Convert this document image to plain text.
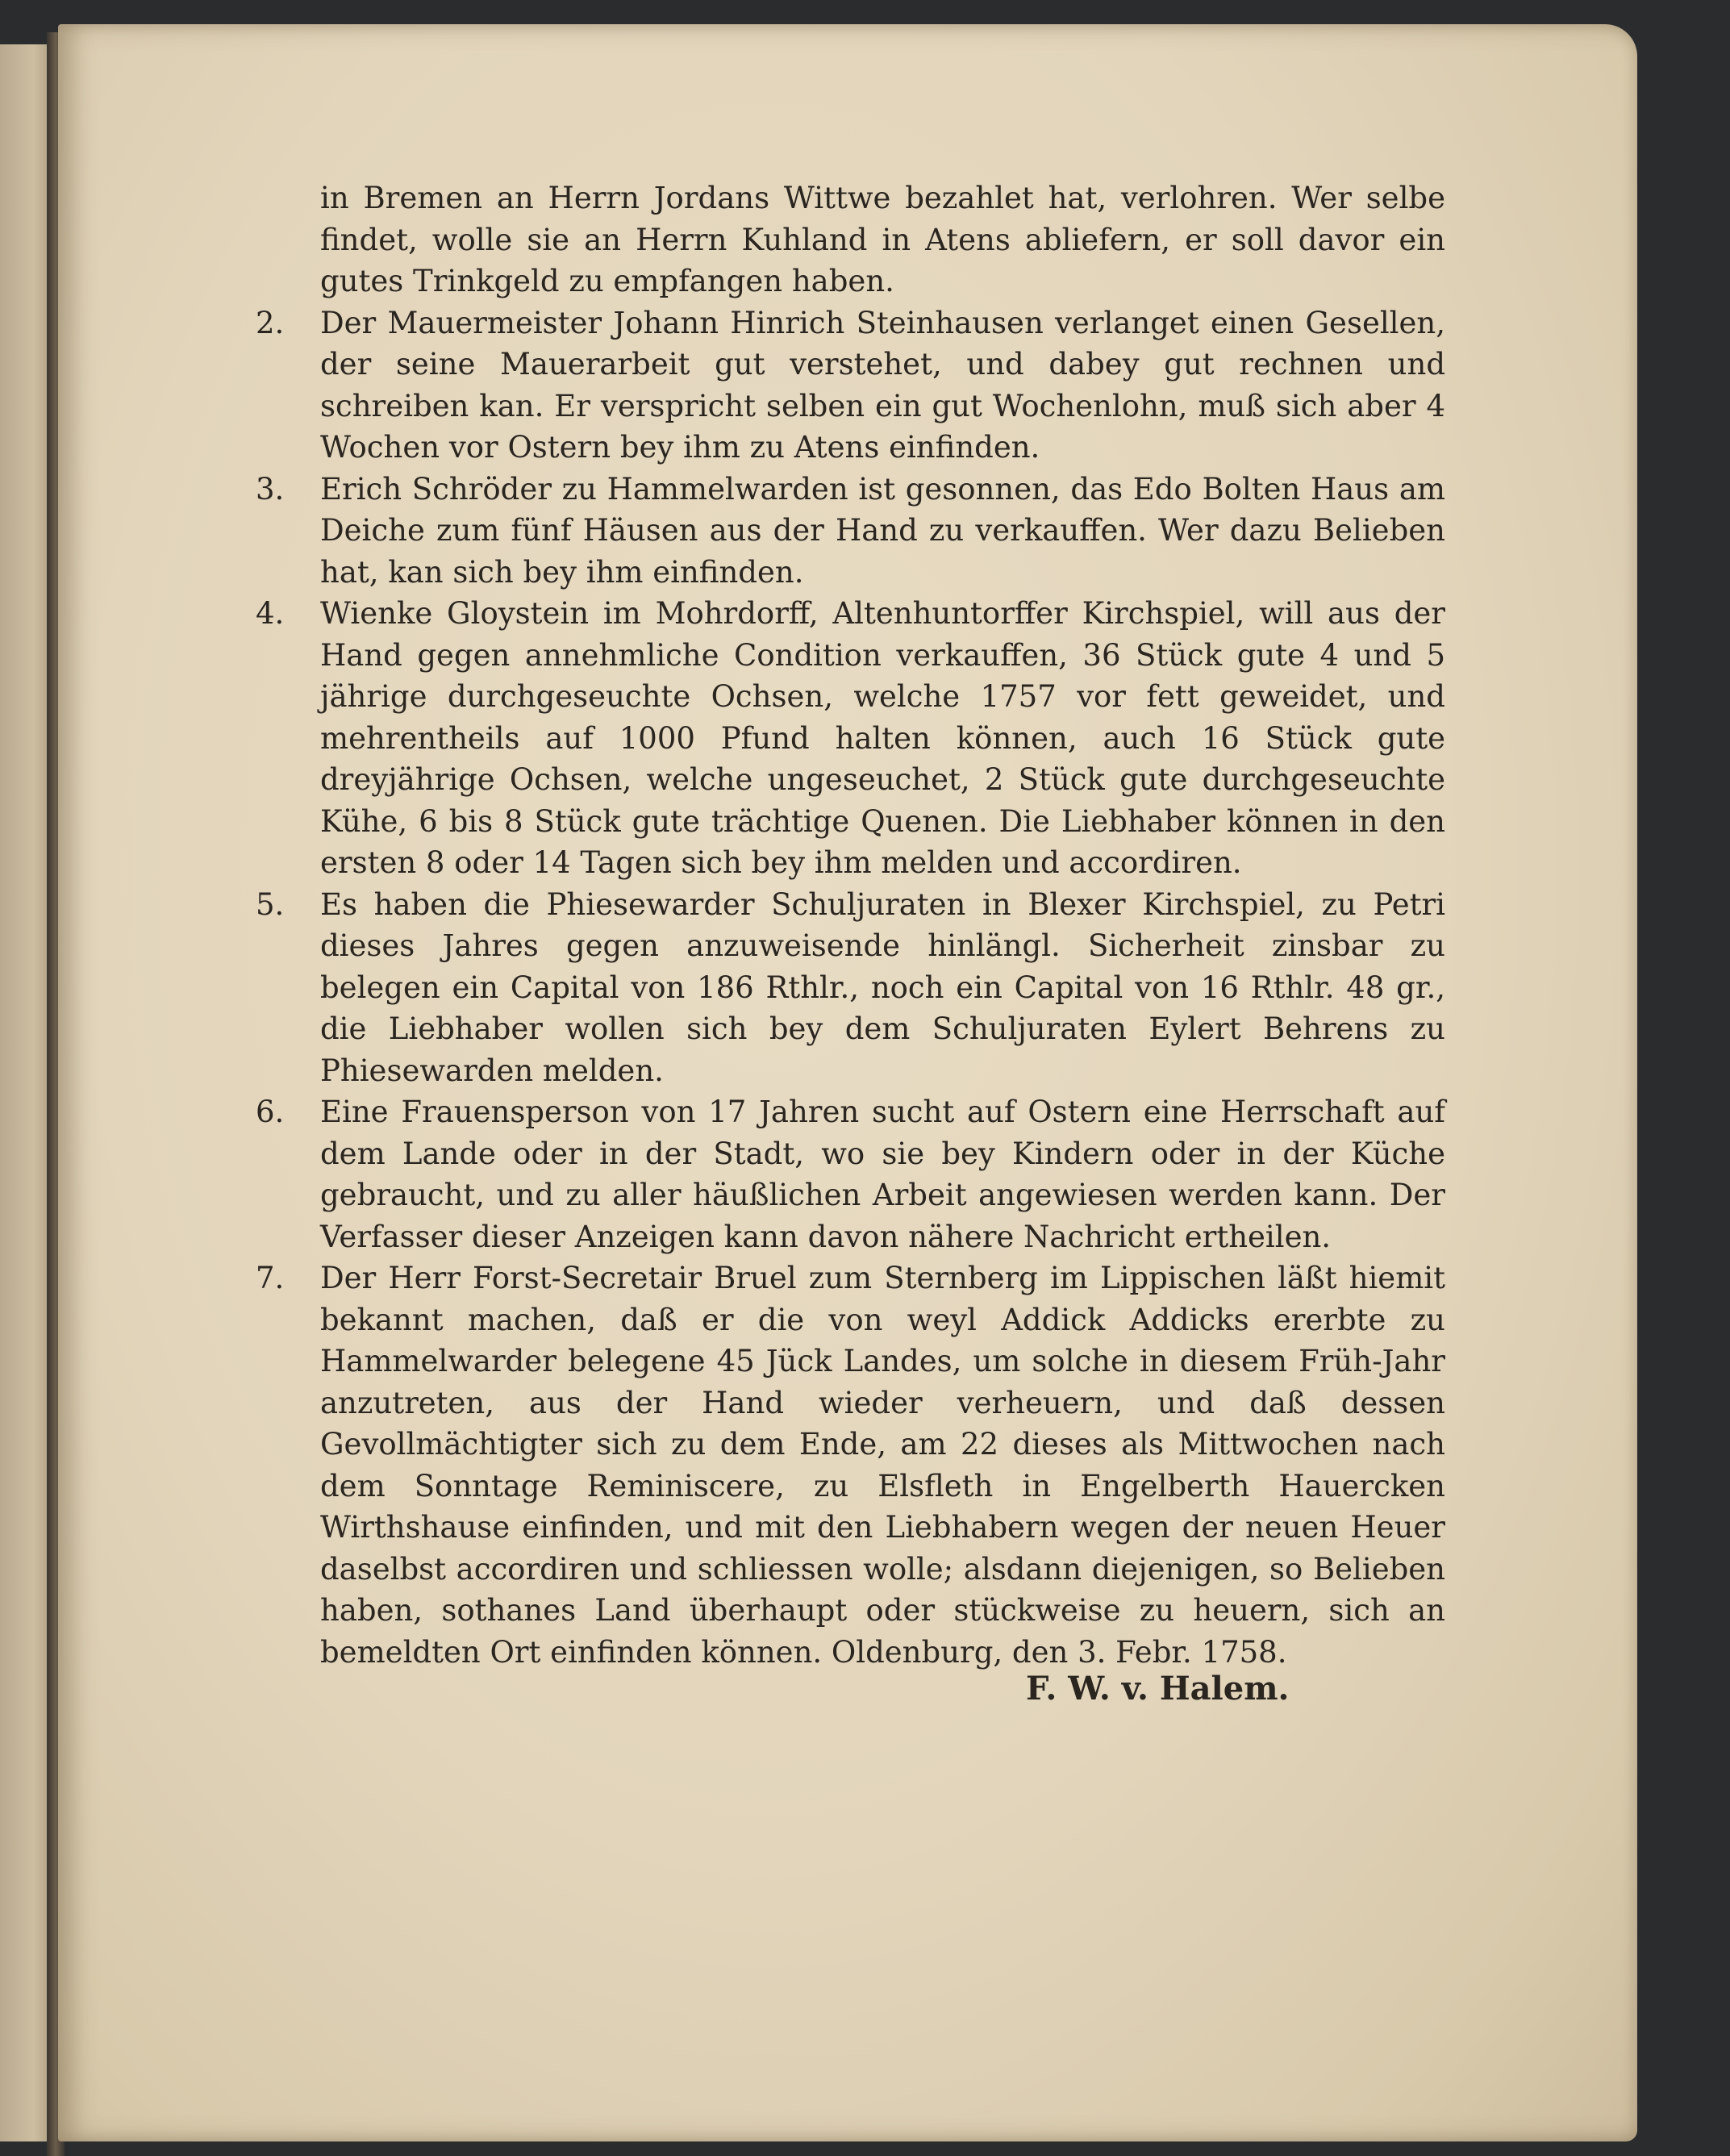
in Bremen an Herrn Jordans Wittwe bezahlet hat, verlohren. Wer selbe findet, wolle sie an Herrn Kuhland in Atens abliefern, er soll davor ein gutes Trinkgeld zu empfangen haben.
2.	Der Mauermeister Johann Hinrich Steinhausen verlanget einen Gesellen, der seine Mauerarbeit gut verstehet, und dabey gut rechnen und schreiben kan. Er verspricht selben ein gut Wochenlohn, muß sich aber 4 Wochen vor Ostern bey ihm zu Atens einfinden.
3.	Erich Schröder zu Hammelwarden ist gesonnen, das Edo Bolten Haus am Deiche zum fünf Häusen aus der Hand zu verkauffen. Wer dazu Belieben hat, kan sich bey ihm einfinden.
4.	Wienke Gloystein im Mohrdorff, Altenhuntorffer Kirchspiel, will aus der Hand gegen annehmliche Condition verkauffen, 36 Stück gute 4 und 5 jährige durchgeseuchte Ochsen, welche 1757 vor fett geweidet, und mehrentheils auf 1000 Pfund halten können, auch 16 Stück gute dreyjährige Ochsen, welche ungeseuchet, 2 Stück gute durchgeseuchte Kühe, 6 bis 8 Stück gute trächtige Quenen. Die Liebhaber können in den ersten 8 oder 14 Tagen sich bey ihm melden und accordiren.
5.	Es haben die Phiesewarder Schuljuraten in Blexer Kirchspiel, zu Petri dieses Jahres gegen anzuweisende hinlängl. Sicherheit zinsbar zu belegen ein Capital von 186 Rthlr., noch ein Capital von 16 Rthlr. 48 gr., die Liebhaber wollen sich bey dem Schuljuraten Eylert Behrens zu Phiesewarden melden.
6.	Eine Frauensperson von 17 Jahren sucht auf Ostern eine Herrschaft auf dem Lande oder in der Stadt, wo sie bey Kindern oder in der Küche gebraucht, und zu aller häußlichen Arbeit angewiesen werden kann. Der Verfasser dieser Anzeigen kann davon nähere Nachricht ertheilen.
7.	Der Herr Forst-Secretair Bruel zum Sternberg im Lippischen läßt hiemit bekannt machen, daß er die von weyl Addick Addicks ererbte zu Hammelwarder belegene 45 Jück Landes, um solche in diesem Früh-Jahr anzutreten, aus der Hand wieder verheuern, und daß dessen Gevollmächtigter sich zu dem Ende, am 22 dieses als Mittwochen nach dem Sonntage Reminiscere, zu Elsfleth in Engelberth Hauercken Wirthshause einfinden, und mit den Liebhabern wegen der neuen Heuer daselbst accordiren und schliessen wolle; alsdann diejenigen, so Belieben haben, sothanes Land überhaupt oder stückweise zu heuern, sich an bemeldten Ort einfinden können. Oldenburg, den 3. Febr. 1758.
F. W. v. Halem.
